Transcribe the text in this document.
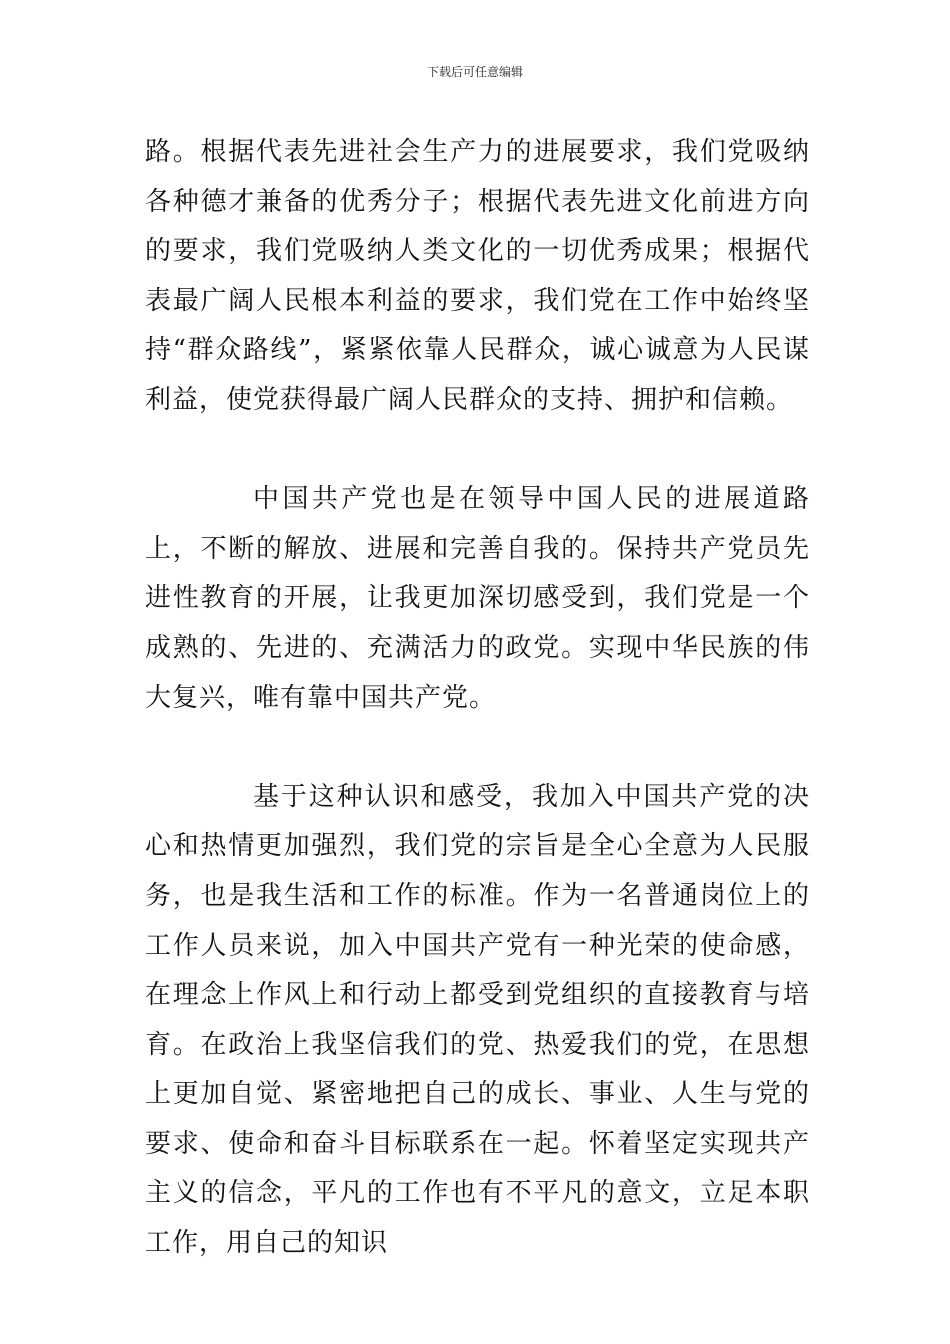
下载后可任意编辑

路。根据代表先进社会生产力的进展要求，我们党吸纳各种德才兼备的优秀分子；根据代表先进文化前进方向的要求，我们党吸纳人类文化的一切优秀成果；根据代表最广阔人民根本利益的要求，我们党在工作中始终坚持“群众路线”，紧紧依靠人民群众，诚心诚意为人民谋利益，使党获得最广阔人民群众的支持、拥护和信赖。

中国共产党也是在领导中国人民的进展道路上，不断的解放、进展和完善自我的。保持共产党员先进性教育的开展，让我更加深切感受到，我们党是一个成熟的、先进的、充满活力的政党。实现中华民族的伟大复兴，唯有靠中国共产党。

基于这种认识和感受，我加入中国共产党的决心和热情更加强烈，我们党的宗旨是全心全意为人民服务，也是我生活和工作的标准。作为一名普通岗位上的工作人员来说，加入中国共产党有一种光荣的使命感，在理念上作风上和行动上都受到党组织的直接教育与培育。在政治上我坚信我们的党、热爱我们的党，在思想上更加自觉、紧密地把自己的成长、事业、人生与党的要求、使命和奋斗目标联系在一起。怀着坚定实现共产主义的信念，平凡的工作也有不平凡的意文，立足本职工作，用自己的知识
